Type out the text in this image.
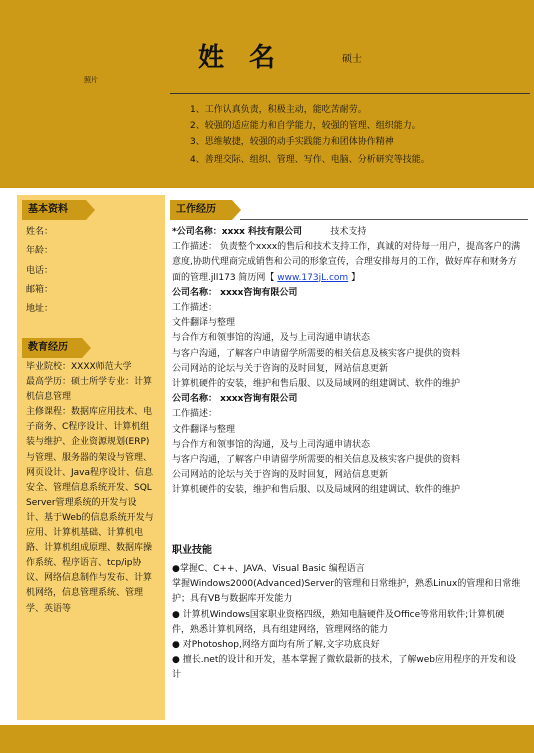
照片
姓 名	硕士
1、工作认真负责，积极主动，能吃苦耐劳。
2、较强的适应能力和自学能力，较强的管理、组织能力。
3、思维敏捷，较强的动手实践能力和团体协作精神
4、善理交际、组织、管理、写作、电脑、分析研究等技能。
基本资料
姓名：
年龄：
电话：
邮箱：
地址：
教育经历
毕业院校：XXXX师范大学
最高学历：硕士所学专业：计算机信息管理
主修课程：数据库应用技术、电子商务、C程序设计、计算机组装与维护、企业资源规划(ERP)与管理、服务器的架设与管理、网页设计、Java程序设计、信息安全、管理信息系统开发、SQL Server管理系统的开发与设计、基于Web的信息系统开发与应用、计算机基础、计算机电路、计算机组成原理、数据库操作系统、程序语言、tcp/ip协议、网络信息制作与发布、计算机网络，信息管理系统、管理学、英语等
工作经历
*公司名称：xxxx 科技有限公司	技术支持
工作描述： 负责整个xxxx的售后和技术支持工作，真诚的对待每一用户，提高客户的满意度,协助代理商完成销售和公司的形象宣传，合理安排每月的工作，做好库存和财务方面的管理.jll173 简历网【 www.173jL.com 】
公司名称： xxxx咨询有限公司
工作描述：
文件翻译与整理
与合作方和领事馆的沟通，及与上司沟通申请状态
与客户沟通，了解客户申请留学所需要的相关信息及核实客户提供的资料
公司网站的论坛与关于咨询的及时回复，网站信息更新
计算机硬件的安装，维护和售后服、以及局域网的组建调试、软件的维护
公司名称： xxxx咨询有限公司
工作描述：
文件翻译与整理
与合作方和领事馆的沟通，及与上司沟通申请状态
与客户沟通，了解客户申请留学所需要的相关信息及核实客户提供的资料
公司网站的论坛与关于咨询的及时回复，网站信息更新
计算机硬件的安装，维护和售后服、以及局域网的组建调试、软件的维护
职业技能
●掌握C、C++、JAVA、Visual Basic 编程语言
掌握Windows2000(Advanced)Server的管理和日常维护，熟悉Linux的管理和日常维护；具有VB与数据库开发能力
● 计算机Windows国家职业资格四级，熟知电脑硬件及Office等常用软件;计算机硬件，熟悉计算机网络，具有组建网络，管理网络的能力
● 对Photoshop,网络方面均有所了解,文字功底良好
● 擅长.net的设计和开发，基本掌握了微软最新的技术，了解web应用程序的开发和设计
